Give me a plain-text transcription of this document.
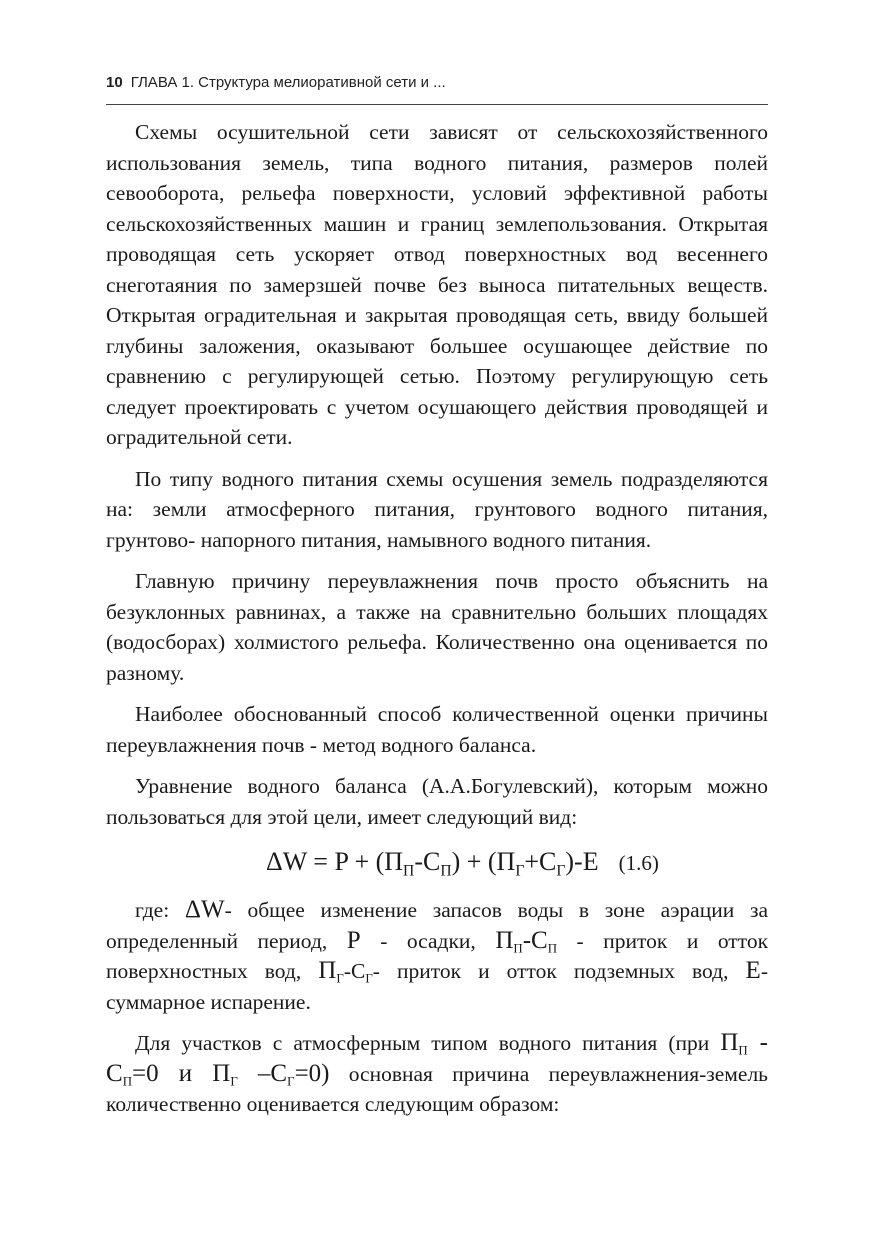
10 ГЛАВА 1. Структура мелиоративной сети и ...

Схемы осушительной сети зависят от сельскохозяйственного использования земель, типа водного питания, размеров полей севооборота, рельефа поверхности, условий эффективной работы сельскохозяйственных машин и границ землепользования. Открытая проводящая сеть ускоряет отвод поверхностных вод весеннего снеготаяния по замерзшей почве без выноса питательных веществ. Открытая оградительная и закрытая проводящая сеть, ввиду большей глубины заложения, оказывают большее осушающее действие по сравнению с регулирующей сетью. Поэтому регулирующую сеть следует проектировать с учетом осушающего действия проводящей и оградительной сети.

По типу водного питания схемы осушения земель подразделяются на: земли атмосферного питания, грунтового водного питания, грунтово- напорного питания, намывного водного питания.

Главную причину переувлажнения почв просто объяснить на безуклонных равнинах, а также на сравнительно больших площадях (водосборах) холмистого рельефа. Количественно она оценивается по разному.

Наиболее обоснованный способ количественной оценки причины переувлажнения почв - метод водного баланса.

Уравнение водного баланса (А.А.Богулевский), которым можно пользоваться для этой цели, имеет следующий вид:

$\Delta W = P + (П_П-С_П) + (П_Г+С_Г)-Е$ (1.6)

где: ΔW- общее изменение запасов воды в зоне аэрации за определенный период, Р - осадки, $П_П-С_П$ - приток и отток поверхностных вод, $П_Г-С_Г-$ приток и отток подземных вод, Е- суммарное испарение.

Для участков с атмосферным типом водного питания (при $П_П - С_П=0$ и $П_Г$ $-С_Г=0$) основная причина переувлажнения-земель количественно оценивается следующим образом:
